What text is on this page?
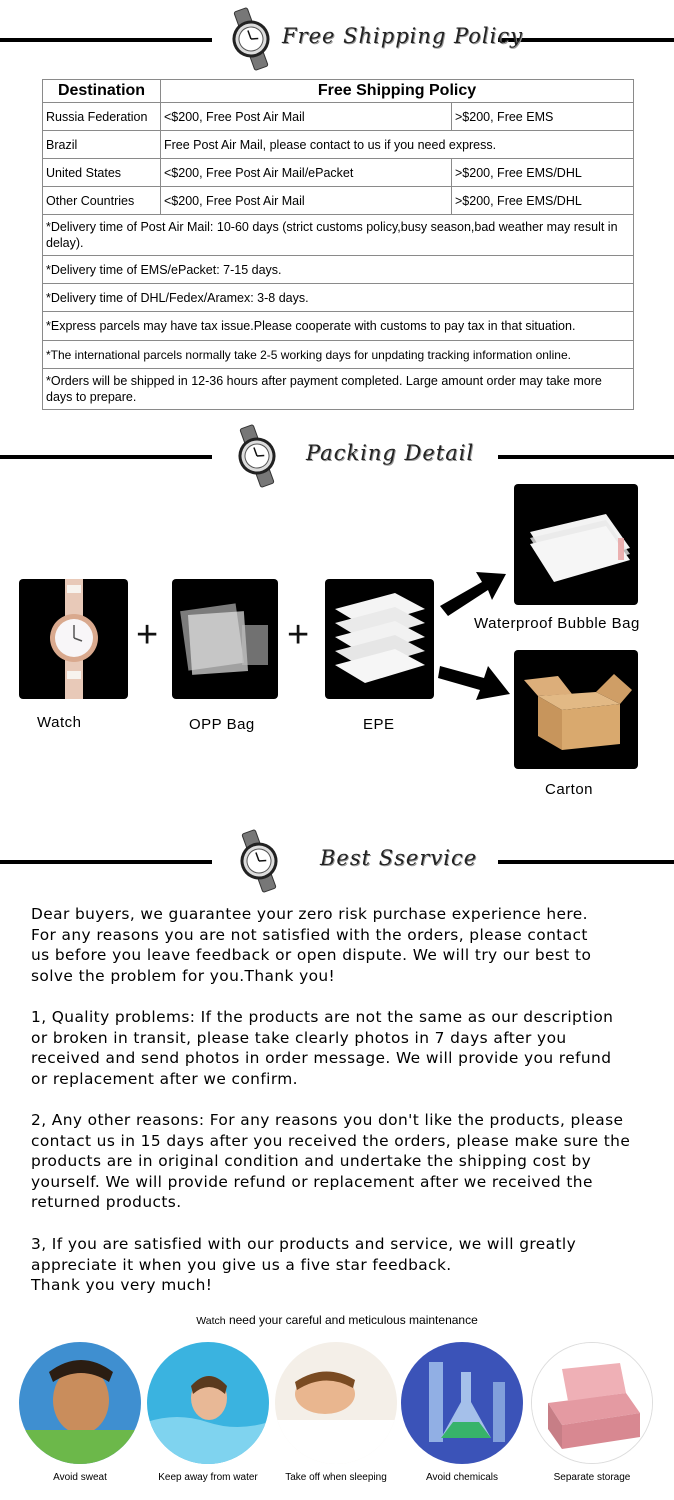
Free Shipping Policy
Destination	Free Shipping Policy	
Russia Federation	<$200, Free Post Air Mail	>$200, Free EMS
Brazil	Free Post Air Mail, please contact to us if you need express.	
United States	<$200, Free Post Air Mail/ePacket	>$200, Free EMS/DHL
Other Countries	<$200, Free Post Air Mail	>$200, Free EMS/DHL
*Delivery time of Post Air Mail: 10-60 days (strict customs policy,busy season,bad weather may result in delay).		
*Delivery time of EMS/ePacket: 7-15 days.		
*Delivery time of DHL/Fedex/Aramex: 3-8 days.		
*Express parcels may have tax issue.Please cooperate with customs to pay tax in that situation.		
*The international parcels normally take 2-5 working days for unpdating tracking information online.		
*Orders will be shipped in 12-36 hours after payment completed. Large amount order may take more days to prepare.		
Packing Detail
+	+	Waterproof Bubble Bag
Watch	OPP Bag	EPE
Carton
Best Sservice

Dear buyers, we guarantee your zero risk purchase experience here.
For any reasons you are not satisfied with the orders, please contact
us before you leave feedback or open dispute. We will try our best to
solve the problem for you.Thank you!

1, Quality problems: If the products are not the same as our description
or broken in transit, please take clearly photos in 7 days after you
received and send photos in order message. We will provide you refund
or replacement after we confirm.

2, Any other reasons: For any reasons you don't like the products, please
contact us in 15 days after you received the orders, please make sure the
products are in original condition and undertake the shipping cost by
yourself. We will provide refund or replacement after we received the
returned products.

3, If you are satisfied with our products and service, we will greatly
appreciate it when you give us a five star feedback.
Thank you very much!

Watch need your careful and meticulous maintenance
Avoid sweat	Keep away from water	Take off when sleeping	Avoid chemicals	Separate storage
